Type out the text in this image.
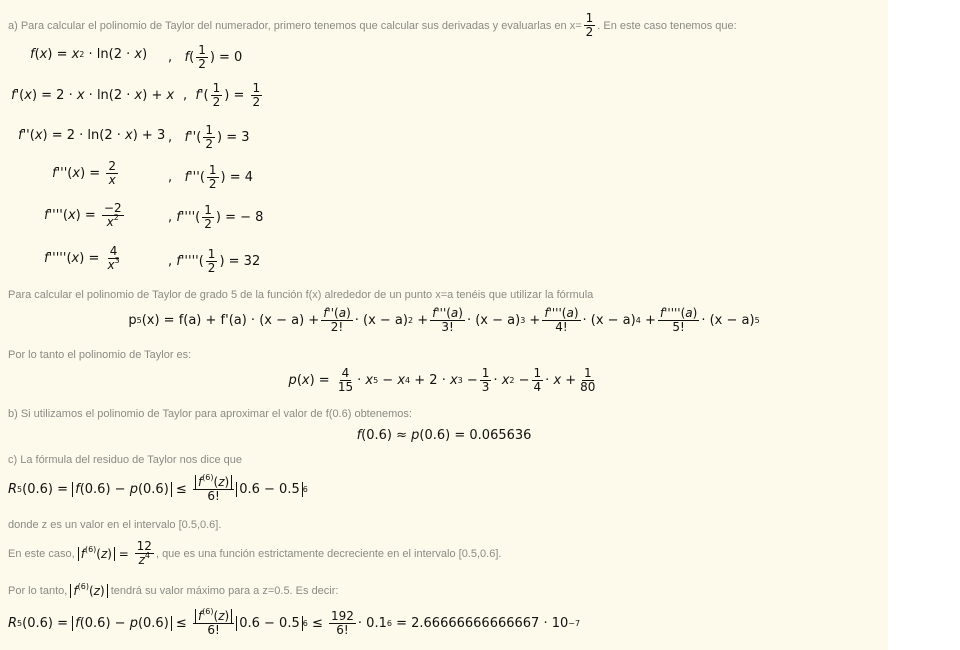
a) Para calcular el polinomio de Taylor del numerador, primero tenemos que calcular sus derivadas y evaluarlas en $x= \frac{1}{2}$ . En este caso tenemos que:
f ( x ) = x 2 · ln(2 · x ) , f ( $\frac{1}{2}$ ) = 0
f '( x ) = 2 · x · ln(2 · x ) + x , f '( $\frac{1}{2}$ ) = $\frac{1}{2}$
f ''( x ) = 2 · ln(2 · x ) + 3 , f ''( $\frac{1}{2}$ ) = 3
f '''( x ) = $\frac{2}{x}$	, f '''( $\frac{1}{2}$ ) = 4
f ''''( x ) = $\frac{-2}{x^2}$	, f ''''( $\frac{1}{2}$ ) = − 8
f '''''( x ) = $\frac{4}{x^3}$	, f '''''( $\frac{1}{2}$ ) = 32
Para calcular el polinomio de Taylor de grado 5 de la función f(x) alrededor de un punto x=a tenéis que utilizar la fórmula
p 5 $(x) = f(a) + f'(a) \cdot (x - a) + \frac{f''(a)}{2!} \cdot (x - a) 2 + \frac{f'''(a)}{3!} \cdot (x - a) 3 + \frac{f''''(a)}{4!} \cdot (x - a) 4 + \frac{f'''''(a)}{5!} \cdot (x - a)$ 5
Por lo tanto el polinomio de Taylor es:
p ( x ) = $\frac{4}{15} \cdot x$ 5 − x 4 + 2 · x $3 - \frac{1}{3} \cdot x$ $2 - \frac{1}{4} \cdot x + \frac{1}{80}$
b) Si utilizamos el polinomio de Taylor para aproximar el valor de f(0.6) obtenemos:
f (0.6) ≈ p (0.6) = 0.065636
c) La fórmula del residuo de Taylor nos dice que
R 5 $(0.6) = f(0.6) - p(0.6) \le \frac{f^{(6)}(z)}{6!} 0.6 - 0.5$ 6
donde z es un valor en el intervalo [0.5,0.6].
En este caso,
$f^{(6)}(z) = \frac{12}{z^4}$ , que es una función estrictamente decreciente en el intervalo [0.5,0.6].
Por lo tanto,
$f^{(6)}(z)$
tendrá su valor máximo para a z=0.5. Es decir:
R 5 $(0.6) = f(0.6) - p(0.6) \le \frac{f^{(6)}(z)}{6!} 0.6 - 0.5$ $6 \le \frac{192}{6!} \cdot 0.1$ 6 = 2.66666666666667 · 10 −7
